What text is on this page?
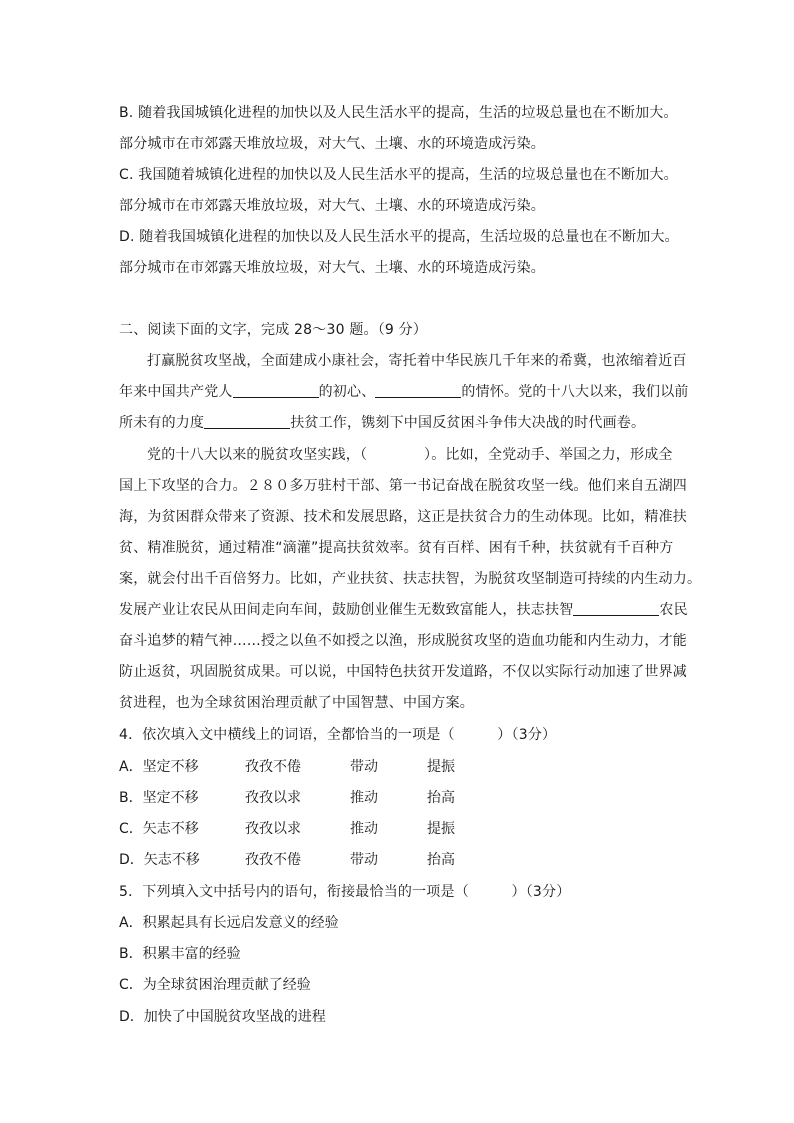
B. 随着我国城镇化进程的加快以及人民生活水平的提高，生活的垃圾总量也在不断加大。
部分城市在市郊露天堆放垃圾，对大气、土壤、水的环境造成污染。
C. 我国随着城镇化进程的加快以及人民生活水平的提高，生活的垃圾总量也在不断加大。
部分城市在市郊露天堆放垃圾，对大气、土壤、水的环境造成污染。
D. 随着我国城镇化进程的加快以及人民生活水平的提高，生活垃圾的总量也在不断加大。
部分城市在市郊露天堆放垃圾，对大气、土壤、水的环境造成污染。
二、阅读下面的文字，完成 28～30 题。（9 分）
打赢脱贫攻坚战，全面建成小康社会，寄托着中华民族几千年来的希冀，也浓缩着近百
年来中国共产党人	的初心、	的情怀。党的十八大以来，我们以前
所未有的力度	扶贫工作，镌刻下中国反贫困斗争伟大决战的时代画卷。
党的十八大以来的脱贫攻坚实践，（　　　　）。比如，全党动手、举国之力，形成全
国上下攻坚的合力。２８０多万驻村干部、第一书记奋战在脱贫攻坚一线。他们来自五湖四
海，为贫困群众带来了资源、技术和发展思路，这正是扶贫合力的生动体现。比如，精准扶
贫、精准脱贫，通过精准“滴灌”提高扶贫效率。贫有百样、困有千种，扶贫就有千百种方
案，就会付出千百倍努力。比如，产业扶贫、扶志扶智，为脱贫攻坚制造可持续的内生动力。
发展产业让农民从田间走向车间，鼓励创业催生无数致富能人，扶志扶智	农民
奋斗追梦的精气神……授之以鱼不如授之以渔，形成脱贫攻坚的造血功能和内生动力，才能
防止返贫，巩固脱贫成果。可以说，中国特色扶贫开发道路，不仅以实际行动加速了世界减
贫进程，也为全球贫困治理贡献了中国智慧、中国方案。
4．依次填入文中横线上的词语，全都恰当的一项是（　　　）（3分）
A．坚定不移	孜孜不倦	带动	提振
B．坚定不移	孜孜以求	推动	抬高
C．矢志不移	孜孜以求	推动	提振
D．矢志不移	孜孜不倦	带动	抬高
5．下列填入文中括号内的语句，衔接最恰当的一项是（　　　）（3分）
A．积累起具有长远启发意义的经验
B．积累丰富的经验
C．为全球贫困治理贡献了经验
D．加快了中国脱贫攻坚战的进程
